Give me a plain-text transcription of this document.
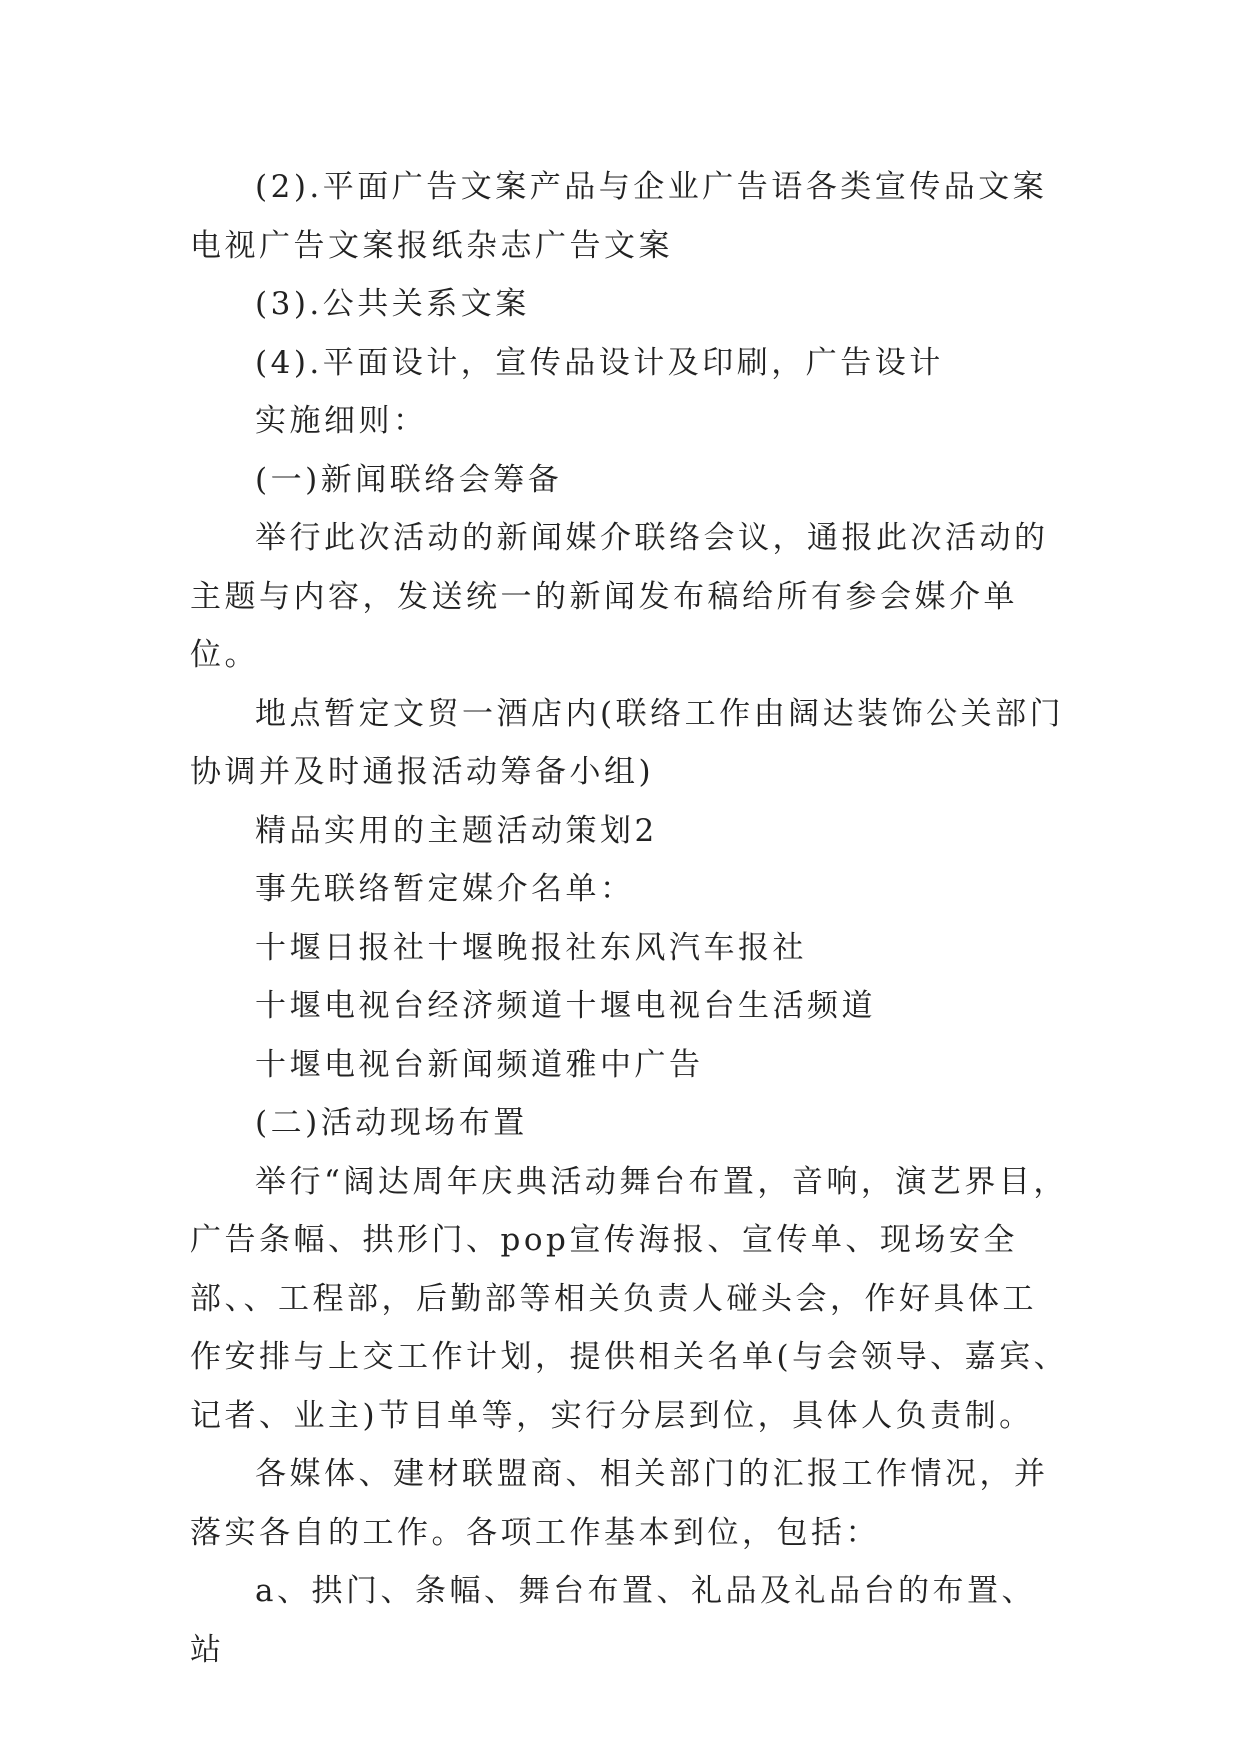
(2).平面广告文案产品与企业广告语各类宣传品文案电视广告文案报纸杂志广告文案

(3).公共关系文案

(4).平面设计，宣传品设计及印刷，广告设计

实施细则：

(一)新闻联络会筹备

举行此次活动的新闻媒介联络会议，通报此次活动的主题与内容，发送统一的新闻发布稿给所有参会媒介单位。

地点暂定文贸一酒店内(联络工作由阔达装饰公关部门协调并及时通报活动筹备小组)

精品实用的主题活动策划2

事先联络暂定媒介名单：

十堰日报社十堰晚报社东风汽车报社

十堰电视台经济频道十堰电视台生活频道

十堰电视台新闻频道雅中广告

(二)活动现场布置

举行“阔达周年庆典活动舞台布置，音响，演艺界目，广告条幅、拱形门、pop宣传海报、宣传单、现场安全部、、工程部，后勤部等相关负责人碰头会，作好具体工作安排与上交工作计划，提供相关名单(与会领导、嘉宾、记者、业主)节目单等，实行分层到位，具体人负责制。

各媒体、建材联盟商、相关部门的汇报工作情况，并落实各自的工作。各项工作基本到位，包括：

a、拱门、条幅、舞台布置、礼品及礼品台的布置、站
